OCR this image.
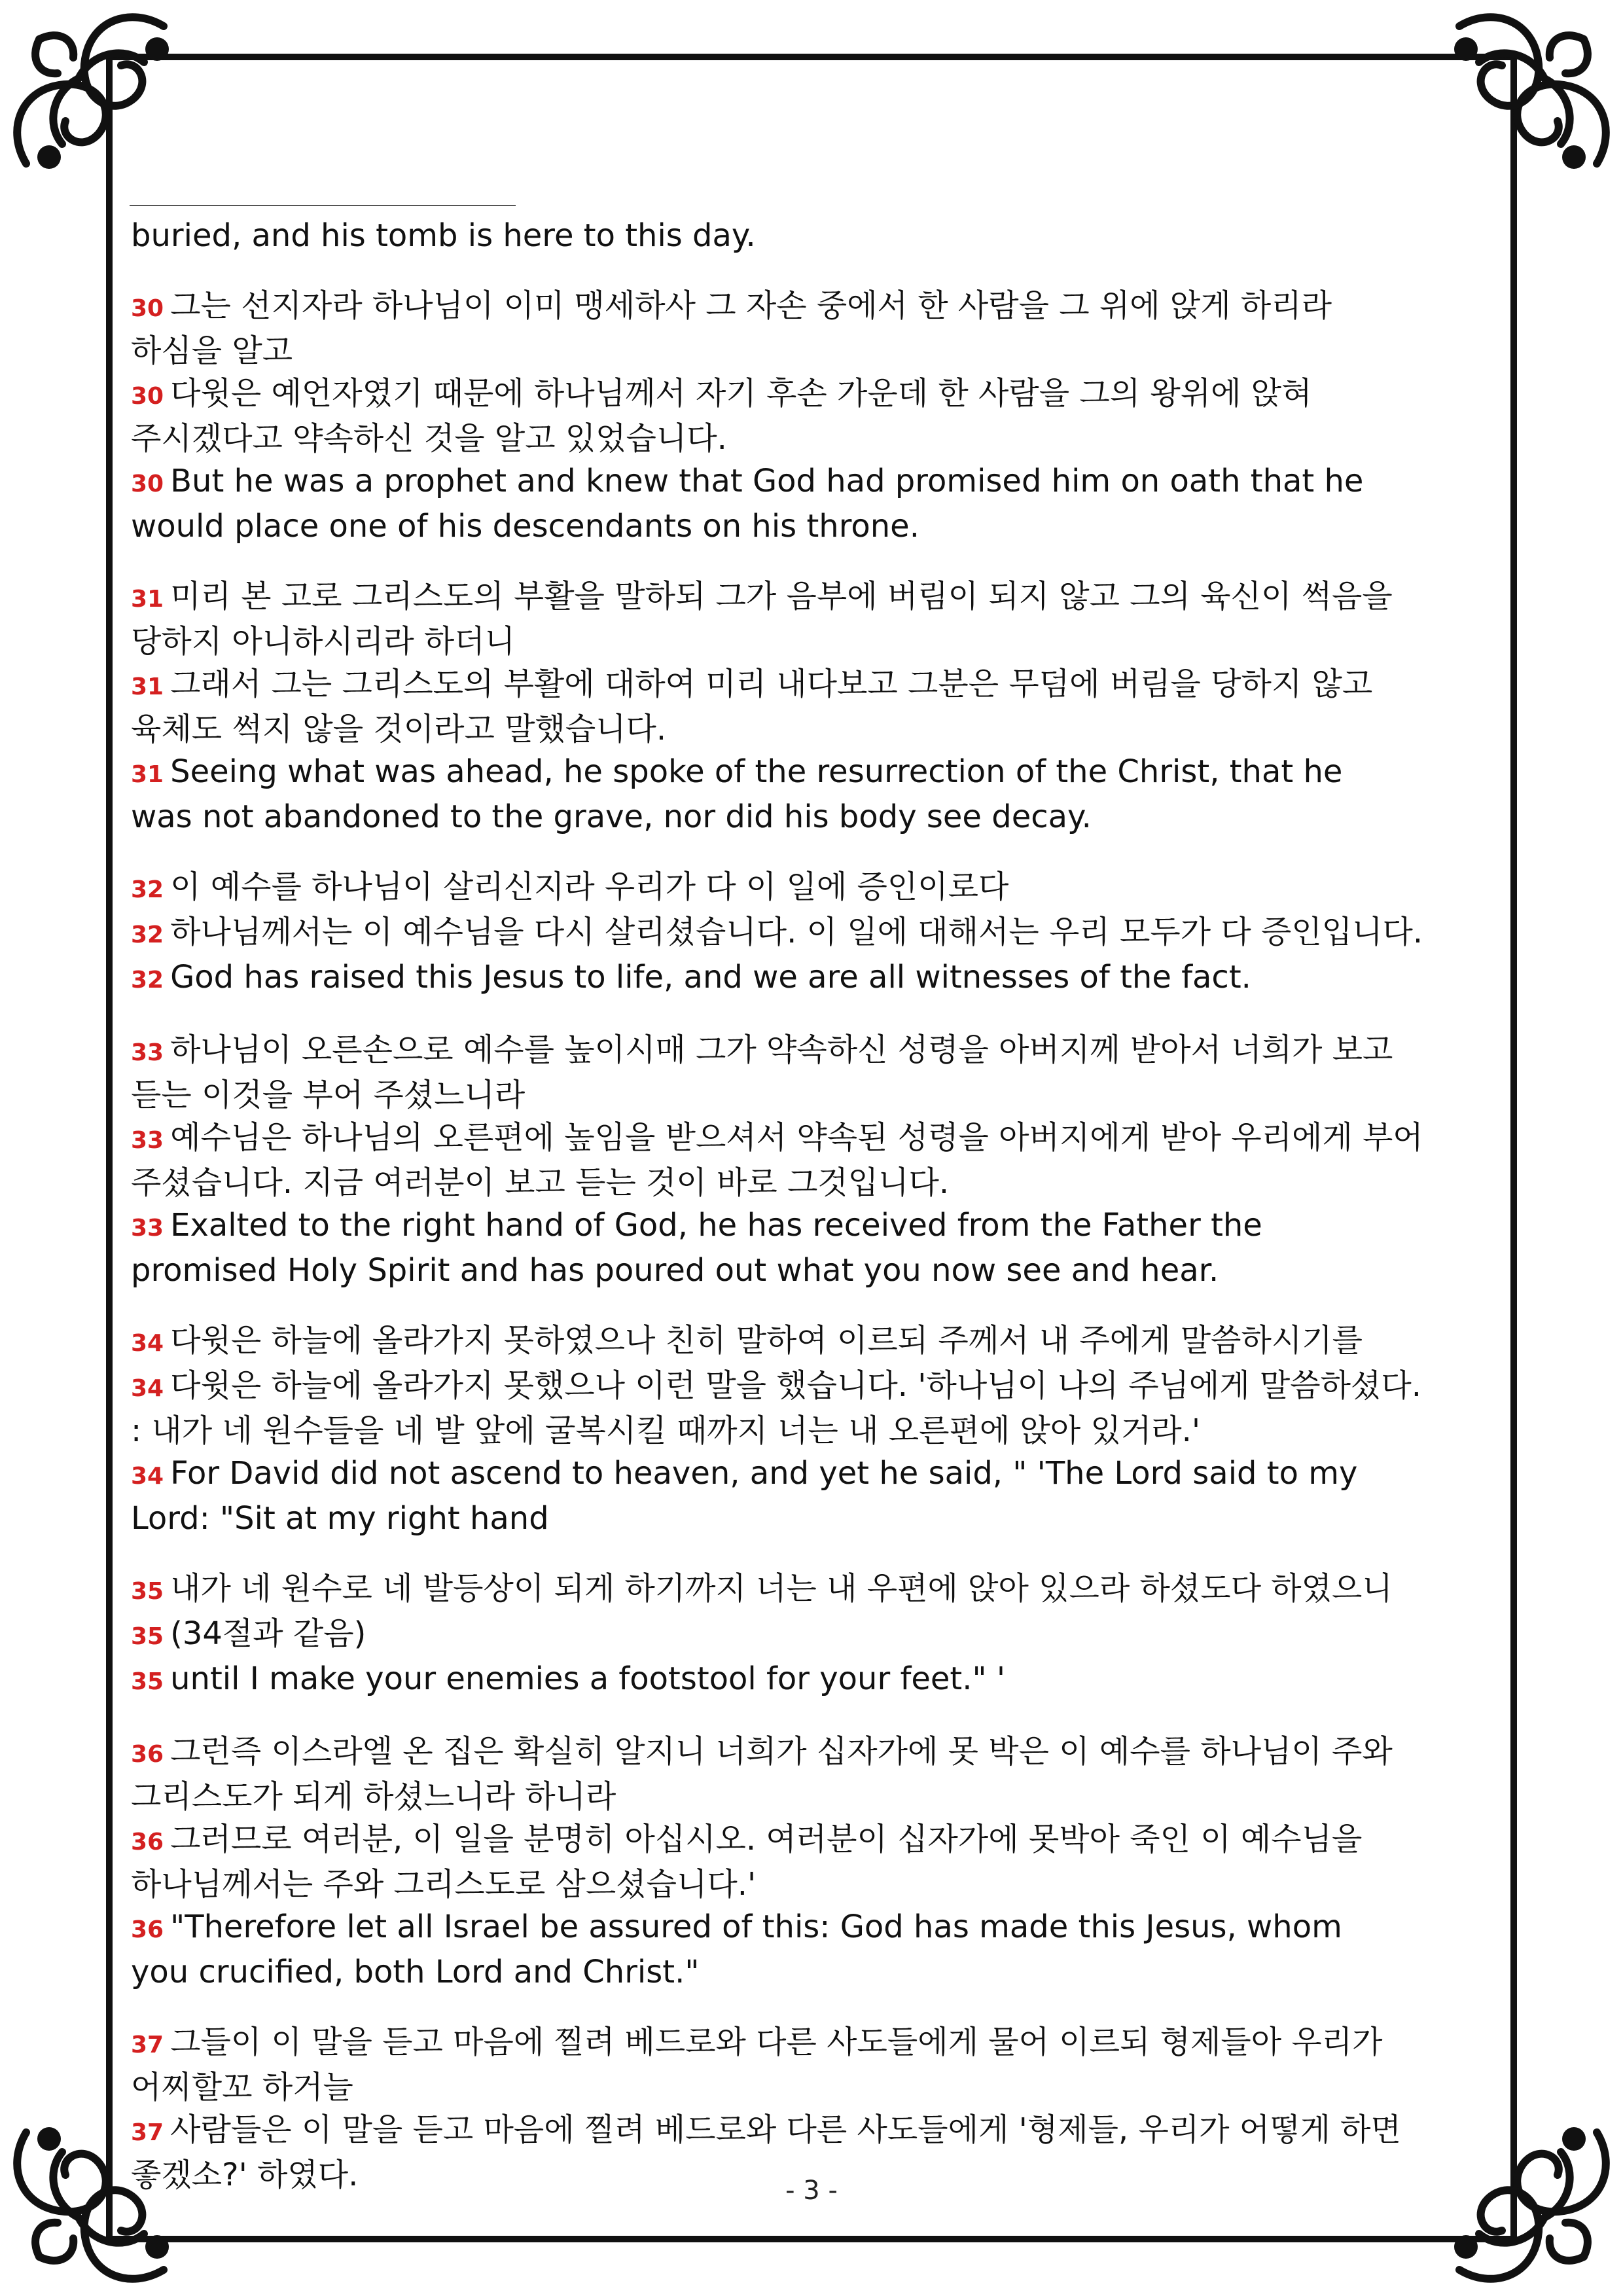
buried, and his tomb is here to this day.
30 그는 선지자라 하나님이 이미 맹세하사 그 자손 중에서 한 사람을 그 위에 앉게 하리라
하심을 알고
30 다윗은 예언자였기 때문에 하나님께서 자기 후손 가운데 한 사람을 그의 왕위에 앉혀
주시겠다고 약속하신 것을 알고 있었습니다.
30 But he was a prophet and knew that God had promised him on oath that he
would place one of his descendants on his throne.
31 미리 본 고로 그리스도의 부활을 말하되 그가 음부에 버림이 되지 않고 그의 육신이 썩음을
당하지 아니하시리라 하더니
31 그래서 그는 그리스도의 부활에 대하여 미리 내다보고 그분은 무덤에 버림을 당하지 않고
육체도 썩지 않을 것이라고 말했습니다.
31 Seeing what was ahead, he spoke of the resurrection of the Christ, that he
was not abandoned to the grave, nor did his body see decay.
32 이 예수를 하나님이 살리신지라 우리가 다 이 일에 증인이로다
32 하나님께서는 이 예수님을 다시 살리셨습니다. 이 일에 대해서는 우리 모두가 다 증인입니다.
32 God has raised this Jesus to life, and we are all witnesses of the fact.
33 하나님이 오른손으로 예수를 높이시매 그가 약속하신 성령을 아버지께 받아서 너희가 보고
듣는 이것을 부어 주셨느니라
33 예수님은 하나님의 오른편에 높임을 받으셔서 약속된 성령을 아버지에게 받아 우리에게 부어
주셨습니다. 지금 여러분이 보고 듣는 것이 바로 그것입니다.
33 Exalted to the right hand of God, he has received from the Father the
promised Holy Spirit and has poured out what you now see and hear.
34 다윗은 하늘에 올라가지 못하였으나 친히 말하여 이르되 주께서 내 주에게 말씀하시기를
34 다윗은 하늘에 올라가지 못했으나 이런 말을 했습니다. '하나님이 나의 주님에게 말씀하셨다.
: 내가 네 원수들을 네 발 앞에 굴복시킬 때까지 너는 내 오른편에 앉아 있거라.'
34 For David did not ascend to heaven, and yet he said, " 'The Lord said to my
Lord: "Sit at my right hand
35 내가 네 원수로 네 발등상이 되게 하기까지 너는 내 우편에 앉아 있으라 하셨도다 하였으니
35 (34절과 같음)
35 until I make your enemies a footstool for your feet." '
36 그런즉 이스라엘 온 집은 확실히 알지니 너희가 십자가에 못 박은 이 예수를 하나님이 주와
그리스도가 되게 하셨느니라 하니라
36 그러므로 여러분, 이 일을 분명히 아십시오. 여러분이 십자가에 못박아 죽인 이 예수님을
하나님께서는 주와 그리스도로 삼으셨습니다.'
36 "Therefore let all Israel be assured of this: God has made this Jesus, whom
you crucified, both Lord and Christ."
37 그들이 이 말을 듣고 마음에 찔려 베드로와 다른 사도들에게 물어 이르되 형제들아 우리가
어찌할꼬 하거늘
37 사람들은 이 말을 듣고 마음에 찔려 베드로와 다른 사도들에게 '형제들, 우리가 어떻게 하면
좋겠소?' 하였다.	- 3 -
